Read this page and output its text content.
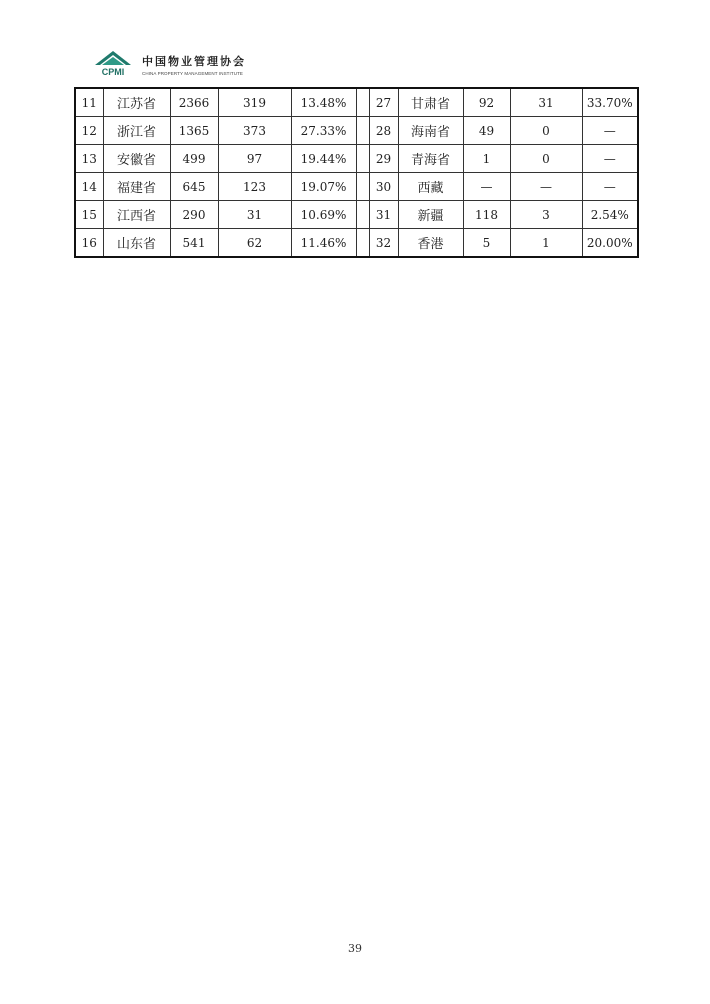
CPMI
中国物业管理协会
CHINA PROPERTY MANAGEMENT INSTITUTE
11	江苏省	2366	319	13.48%		27	甘肃省	92	31	33.70%
12	浙江省	1365	373	27.33%		28	海南省	49	0	—
13	安徽省	499	97	19.44%		29	青海省	1	0	—
14	福建省	645	123	19.07%		30	西藏	—	—	—
15	江西省	290	31	10.69%		31	新疆	118	3	2.54%
16	山东省	541	62	11.46%		32	香港	5	1	20.00%
39
